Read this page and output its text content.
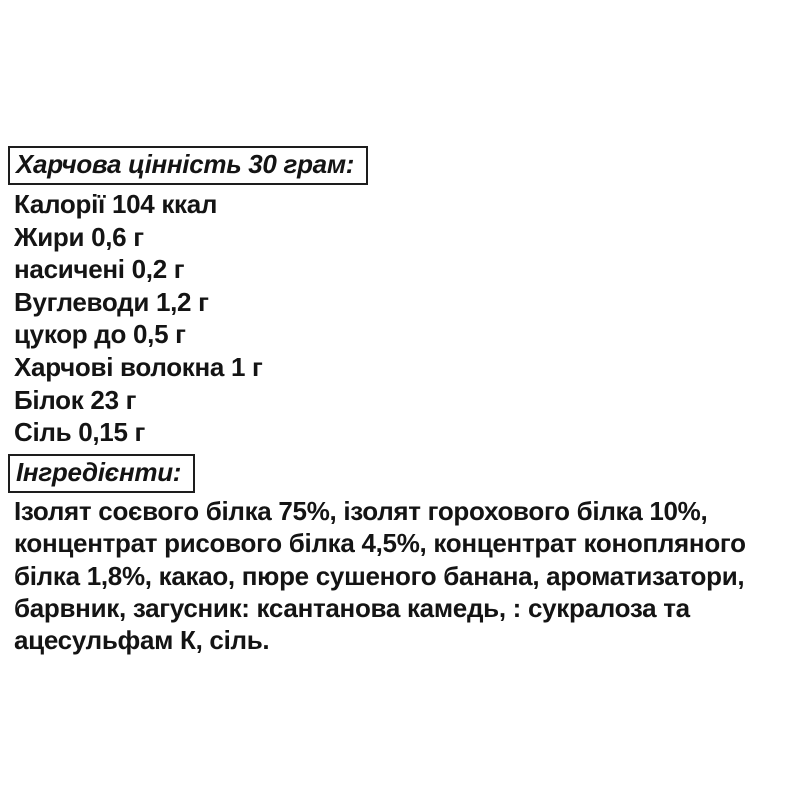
Харчова цінність 30 грам:
Калорії 104 ккал
Жири 0,6 г
насичені 0,2 г
Вуглеводи 1,2 г
цукор до 0,5 г
Харчові волокна 1 г
Білок 23 г
Сіль 0,15 г
Інгредієнти:
Ізолят соєвого білка 75%, ізолят горохового білка 10%,
концентрат рисового білка 4,5%, концентрат конопляного
білка 1,8%, какао, пюре сушеного банана, ароматизатори,
барвник, загусник: ксантанова камедь, : сукралоза та
ацесульфам К, сіль.
